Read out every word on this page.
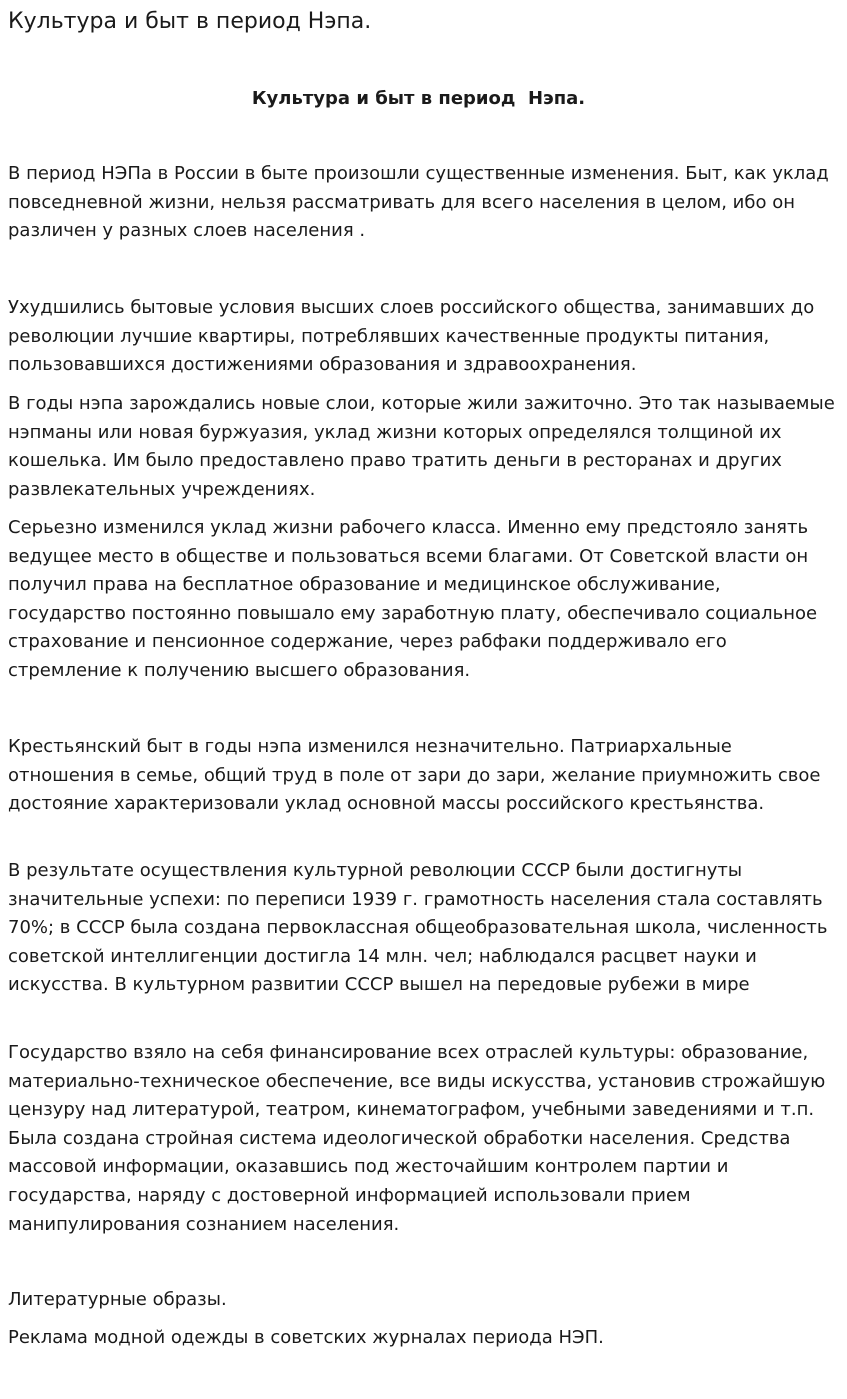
Культура и быт в период Нэпа.
Культура и быт в период  Нэпа.

В период НЭПа в России в быте произошли существенные изменения. Быт, как уклад повседневной жизни, нельзя рассматривать для всего населения в целом, ибо он различен у разных слоев населения .

Ухудшились бытовые условия высших слоев российского общества, занимавших до революции лучшие квартиры, потреблявших качественные продукты питания, пользовавшихся достижениями образования и здравоохранения.

В годы нэпа зарождались новые слои, которые жили зажиточно. Это так называемые нэпманы или новая буржуазия, уклад жизни которых определялся толщиной их кошелька. Им было предоставлено право тратить деньги в ресторанах и других развлекательных учреждениях.

Серьезно изменился уклад жизни рабочего класса. Именно ему предстояло занять ведущее место в обществе и пользоваться всеми благами. От Советской власти он получил права на бесплатное образование и медицинское обслуживание, государство постоянно повышало ему заработную плату, обеспечивало социальное страхование и пенсионное содержание, через рабфаки поддерживало его стремление к получению высшего образования.

Крестьянский быт в годы нэпа изменился незначительно. Патриархальные отношения в семье, общий труд в поле от зари до зари, желание приумножить свое достояние характеризовали уклад основной массы российского крестьянства.

В результате осуществления культурной революции СССР были достигнуты значительные успехи: по переписи 1939 г. грамотность населения стала составлять 70%; в СССР была создана первоклассная общеобразовательная школа, численность советской интеллигенции достигла 14 млн. чел; наблюдался расцвет науки и искусства. В культурном развитии СССР вышел на передовые рубежи в мире

Государство взяло на себя финансирование всех отраслей культуры: образование, материально-техническое обеспечение, все виды искусства, установив строжайшую цензуру над литературой, театром, кинематографом, учебными заведениями и т.п. Была создана стройная система идеологической обработки населения. Средства массовой информации, оказавшись под жесточайшим контролем партии и государства, наряду с достоверной информацией использовали прием манипулирования сознанием населения.

Литературные образы.

Реклама модной одежды в советских журналах периода НЭП.
